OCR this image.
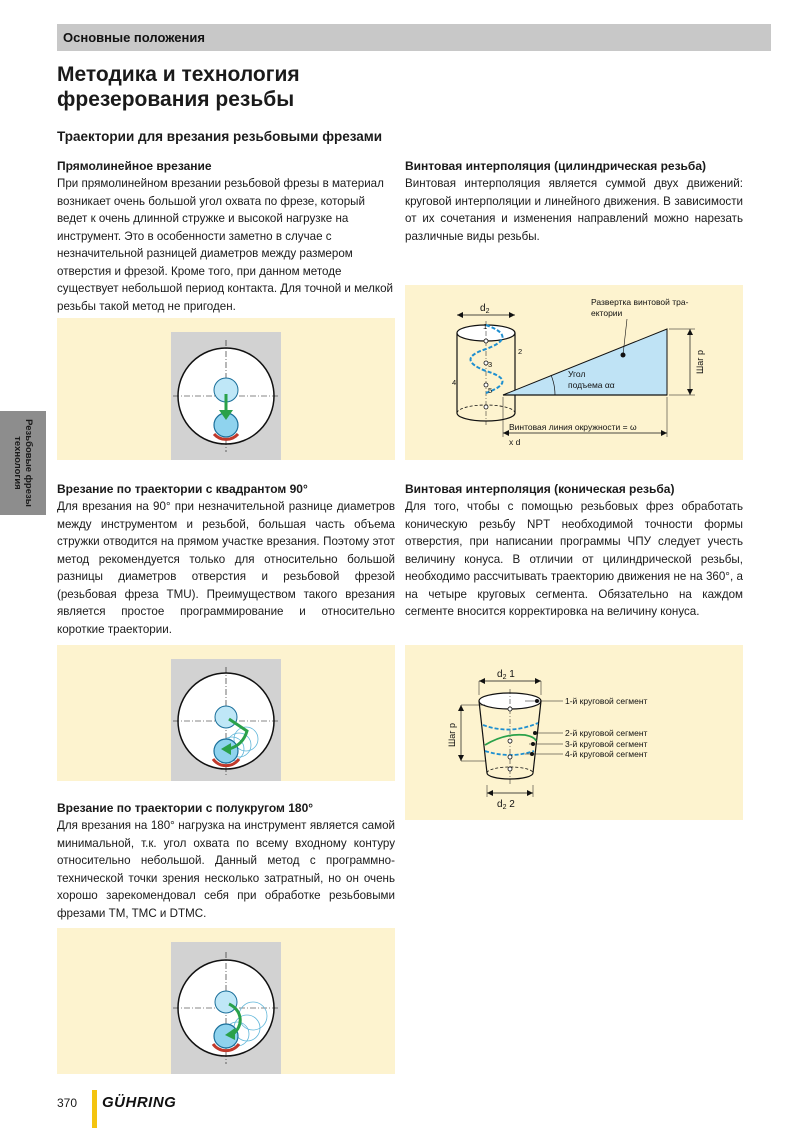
Основные положения
Методика и технология
фрезерования резьбы
Траектории для врезания резьбовыми фрезами
Прямолинейное врезание
При прямолинейном врезании резьбовой фрезы в материал возникает очень большой угол охвата по фрезе, который ведет к очень длинной стружке и высокой нагрузке на инструмент. Это в особенности заметно в случае с незначительной разницей диаметров между размером отверстия и фрезой. Кроме того, при данном методе существует небольшой период контакта. Для точной и мелкой резьбы такой метод не пригоден.
Резьбовые фрезы
технология	Врезание по траектории с квадрантом 90°
Для врезания на 90° при незначительной разнице диаметров между инструментом и резьбой, большая часть объема стружки отводится на прямом участке врезания. Поэтому этот метод рекомендуется только для относительно большой разницы диаметров отверстия и резьбовой фрезой (резьбовая фреза TMU). Преимуществом такого врезания является простое программирование и относительно короткие траектории.
Врезание по траектории с полукругом 180°
Для врезания на 180° нагрузка на инструмент является самой минимальной, т.к. угол охвата по всему входному контуру относительно небольшой. Данный метод с программно-технической точки зрения несколько затратный, но он очень хорошо зарекомендовал себя при обработке резьбовыми фрезами TM, TMC и DTMC.
Винтовая интерполяция (цилиндрическая резьба)
Винтовая интерполяция является суммой двух движений: круговой интерполяции и линейного движения. В зависимости от их сочетания и изменения направлений можно нарезать различные виды резьбы.
$d_2$
1
2
3
4
5
Развертка винтовой тра-
ектории
Угол
подъема αα
Шаг p
Винтовая линия окружности = ω
x d
Винтовая интерполяция (коническая резьба)
Для того, чтобы с помощью резьбовых фрез обработать коническую резьбу NPT необходимой точности формы отверстия, при написании программы ЧПУ следует учесть величину конуса. В отличии от цилиндрической резьбы, необходимо рассчитывать траекторию движения не на 360°, а на четыре круговых сегмента. Обязательно на каждом сегменте вносится корректировка на величину конуса.
$d_2$ 1
Шаг p
1-й круговой сегмент
2-й круговой сегмент
3-й круговой сегмент
4-й круговой сегмент
$d_2$ 2
370 GÜHRING
